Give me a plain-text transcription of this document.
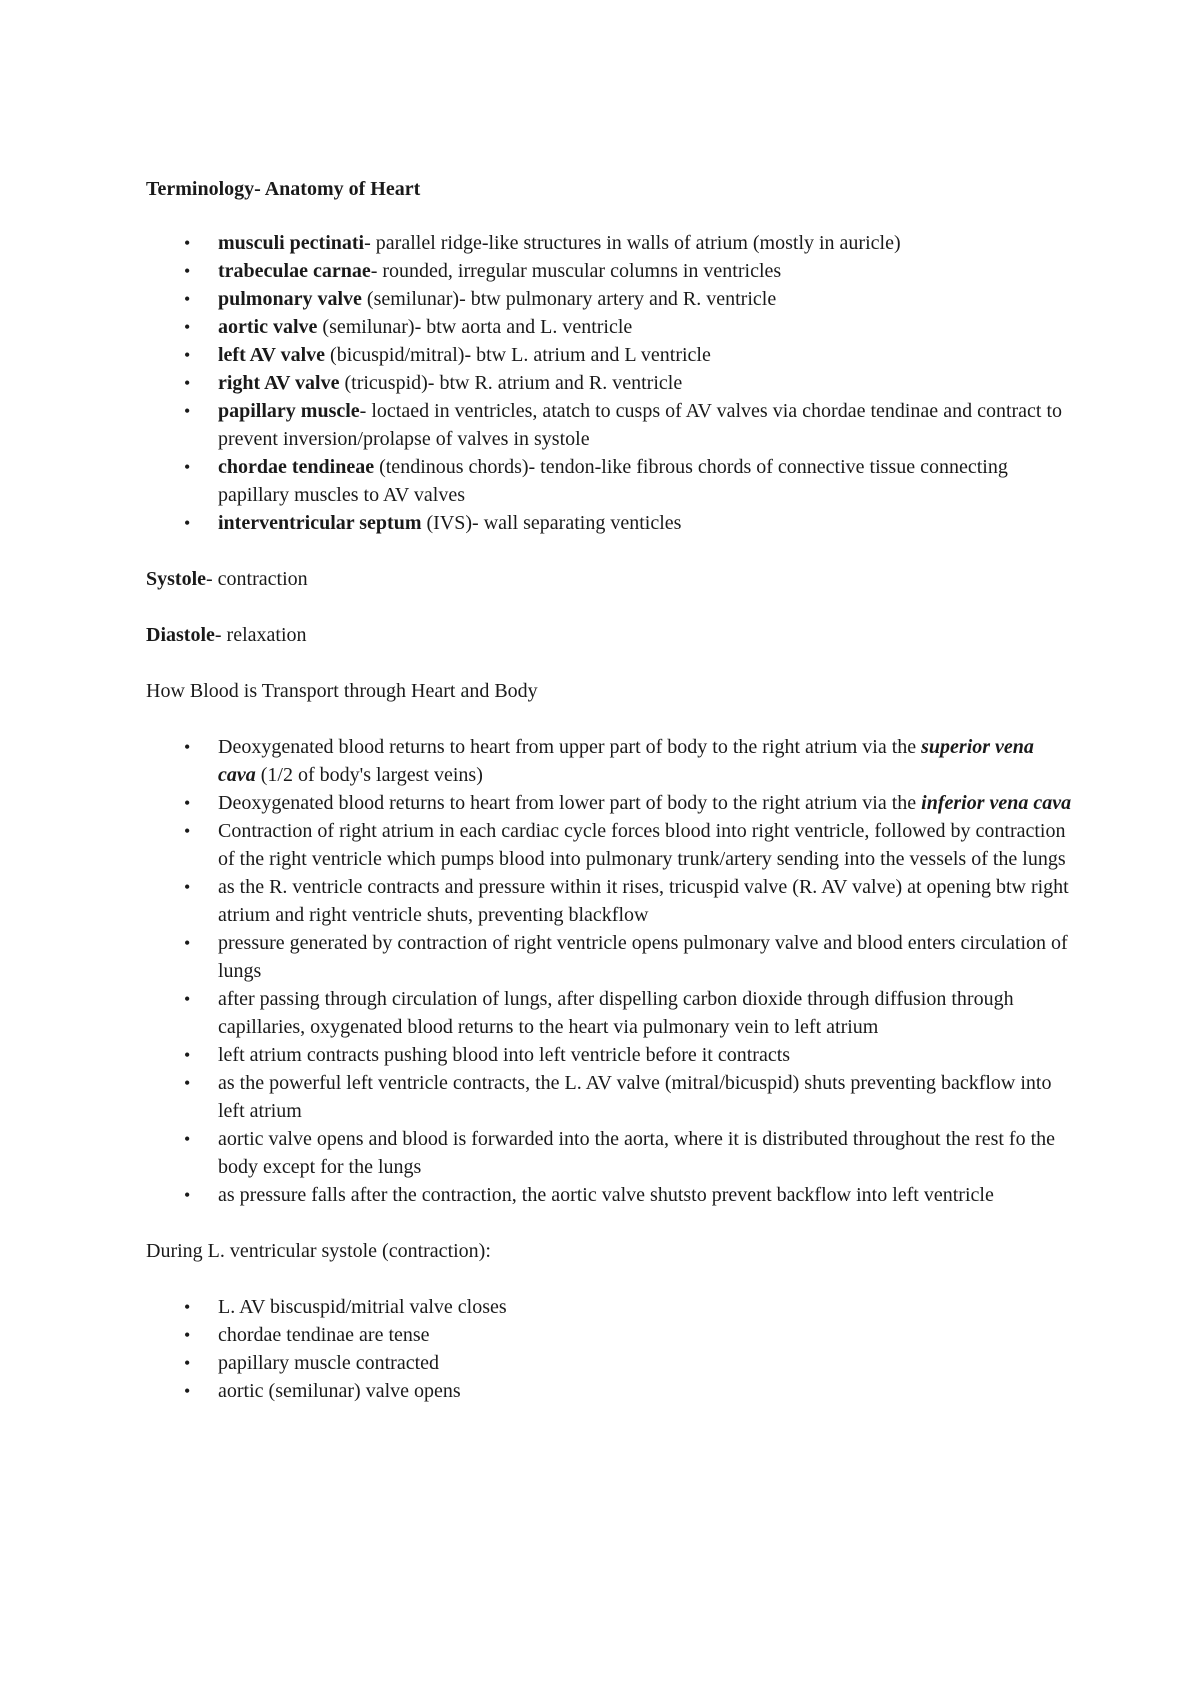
Terminology- Anatomy of Heart

• musculi pectinati- parallel ridge-like structures in walls of atrium (mostly in auricle)
• trabeculae carnae- rounded, irregular muscular columns in ventricles
• pulmonary valve (semilunar)- btw pulmonary artery and R. ventricle
• aortic valve (semilunar)- btw aorta and L. ventricle
• left AV valve (bicuspid/mitral)- btw L. atrium and L ventricle
• right AV valve (tricuspid)- btw R. atrium and R. ventricle
• papillary muscle- loctaed in ventricles, atatch to cusps of AV valves via chordae tendinae and contract to prevent inversion/prolapse of valves in systole
• chordae tendineae (tendinous chords)- tendon-like fibrous chords of connective tissue connecting papillary muscles to AV valves
• interventricular septum (IVS)- wall separating venticles

Systole- contraction

Diastole- relaxation

How Blood is Transport through Heart and Body

• Deoxygenated blood returns to heart from upper part of body to the right atrium via the superior vena cava (1/2 of body's largest veins)
• Deoxygenated blood returns to heart from lower part of body to the right atrium via the inferior vena cava
• Contraction of right atrium in each cardiac cycle forces blood into right ventricle, followed by contraction of the right ventricle which pumps blood into pulmonary trunk/artery sending into the vessels of the lungs
• as the R. ventricle contracts and pressure within it rises, tricuspid valve (R. AV valve) at opening btw right atrium and right ventricle shuts, preventing blackflow
• pressure generated by contraction of right ventricle opens pulmonary valve and blood enters circulation of lungs
• after passing through circulation of lungs, after dispelling carbon dioxide through diffusion through capillaries, oxygenated blood returns to the heart via pulmonary vein to left atrium
• left atrium contracts pushing blood into left ventricle before it contracts
• as the powerful left ventricle contracts, the L. AV valve (mitral/bicuspid) shuts preventing backflow into left atrium
• aortic valve opens and blood is forwarded into the aorta, where it is distributed throughout the rest fo the body except for the lungs
• as pressure falls after the contraction, the aortic valve shutsto prevent backflow into left ventricle

During L. ventricular systole (contraction):

• L. AV biscuspid/mitrial valve closes
• chordae tendinae are tense
• papillary muscle contracted
• aortic (semilunar) valve opens
